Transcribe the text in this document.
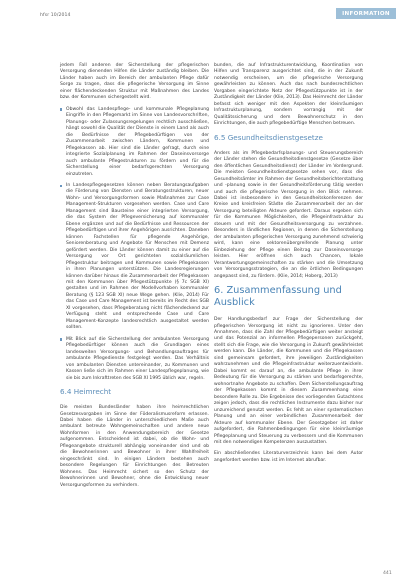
hfsr 10/2014	INFORMATION

jedem Fall anderen der Sicherstellung der pflegerischen Versorgung dienenden Hilfen die Länder zuständig bleiben. Die Länder haben auch im Bereich der ambulanten Pflege dafür Sorge zu tragen, dass die pflegerische Versorgung im Sinne einer flächendeckenden Struktur mit Maßnahmen des Landes bzw. der Kommunen sichergestellt wird.

Obwohl das Landespflege- und kommunale Pflegeplanung Eingriffe in den Pflegemarkt im Sinne von Landesvorschriften, Planungs- oder Zulassungsregelungen rechtlich ausschließen, hängt sowohl die Qualität der Dienste in einem Land als auch die Bedürfnisse der Pflegebedürftigen von der Zusammenarbeit zwischen Ländern, Kommunen und Pflegekassen ab. Hier sind die Länder gefragt, durch eine integrierte Sozialplanung im Rahmen der Daseinsvorsorge auch ambulante Pflegestrukturen zu fördern und für die Sicherstellung einer bedarfsgerechten Versorgung einzutreten.
In Landespflegegesetzen können neben Beratungsaufgaben die Förderung von Diensten und Beratungsstrukturen, neuer Wohn- und Versorgungsformen sowie Maßnahmen zur Case Management-Strukturen vorgesehen werden. Case und Care Management sind Bausteine einer integrierten Versorgung, die das System der Pflegeversicherung auf kommunaler Ebene ergänzen und auf die Bedürfnisse und Ressourcen der Pflegebedürftigen und ihrer Angehörigen ausrichten. Daneben können Fachstellen für pflegende Angehörige, Seniorenberatung und Angebote für Menschen mit Demenz gefördert werden. Die Länder können damit zu einer auf die Versorgung vor Ort gerichteten sozialräumlichen Pflegestruktur beitragen und Kommunen sowie Pflegekassen in ihren Planungen unterstützen. Die Landesregierungen können darüber hinaus die Zusammenarbeit der Pflegekassen mit den Kommunen über Pflegestützpunkte (§ 7c SGB XI) gestalten und im Rahmen der Modellvorhaben kommunaler Beratung (§ 123 SGB XI) neue Wege gehen. (Klie, 2014) Für das Case und Care Management ist bereits im Recht des SGB XI vorgesehen, dass Pflegeberatung nicht flächendeckend zur Verfügung steht und entsprechende Case und Care Management-Konzepte landesrechtlich ausgestaltet werden sollten.
Mit Blick auf die Sicherstellung der ambulanten Versorgung Pflegebedürftiger können auch die Grundlagen eines landesweiten Versorgungs- und Behandlungsauftrages für ambulante Pflegedienste festgelegt werden. Das Verhältnis von ambulanten Diensten untereinander, zu Kommunen und Kassen ließe sich im Rahmen einer Landespflegeplanung, wie sie bis zum Inkrafttreten des SGB XI 1995 üblich war, regeln.
6.4 Heimrecht

Die meisten Bundesländer haben ihre heimrechtlichen Gesetzesvorgaben im Sinne der Föderalismusreform erlassen. Dabei haben die Länder in unterschiedlichem Maße auch ambulant betreute Wohngemeinschaften und andere neue Wohnformen in den Anwendungsbereich der Gesetze aufgenommen. Entscheidend ist dabei, ob die Wohn- und Pflegeangebote strukturell abhängig voneinander sind und ob die Bewohnerinnen und Bewohner in ihrer Wahlfreiheit eingeschränkt sind. In einigen Ländern bestehen auch besondere Regelungen für Einrichtungen des Betreuten Wohnens. Das Heimrecht sichert so den Schutz der Bewohnerinnen und Bewohner, ohne die Entwicklung neuer Versorgungsformen zu verhindern.

bunden, die auf Infrastrukturentwicklung, Koordination von Hilfen und Transparenz ausgerichtet sind, die in der Zukunft notwendig erscheinen, um die pflegerische Versorgung gewährleisten zu können. Auch das nach bundesrechtlichen Vorgaben eingerichtete Netz der Pflegestützpunkte ist in der Zuständigkeit der Länder (Klie, 2013). Das Heimrecht der Länder befasst sich weniger mit den Aspekten der kleinräumigen Infrastrukturplanung, sondern vorrangig mit der Qualitätssicherung und dem Bewohnerschutz in den Einrichtungen, die auch pflegebedürftige Menschen betreuen.

6.5 Gesundheitsdienstgesetze

Anders als im Pflegebedarfsplanungs- und Steuerungsbereich der Länder stehen die Gesundheitsdienstgesetze (Gesetze über den öffentlichen Gesundheitsdienst) der Länder im Vordergrund. Die meisten Gesundheitsdienstgesetze sehen vor, dass die Gesundheitsämter im Rahmen der Gesundheitsberichterstattung und -planung sowie in der Gesundheitsförderung tätig werden und auch die pflegerische Versorgung in den Blick nehmen. Dabei ist insbesondere in den Gesundheitskonferenzen der Kreise und kreisfreien Städte die Zusammenarbeit der an der Versorgung beteiligten Akteure gefordert. Daraus ergeben sich für die Kommunen Möglichkeiten, die Pflegeinfrastruktur zu steuern und mit der Gesundheitsversorgung zu verzahnen. Besonders in ländlichen Regionen, in denen die Sicherstellung der ambulanten pflegerischen Versorgung zunehmend schwierig wird, kann eine sektorenübergreifende Planung unter Einbeziehung der Pflege einen Beitrag zur Daseinsvorsorge leisten. Hier eröffnen sich auch Chancen, lokale Verantwortungsgemeinschaften zu stärken und die Umsetzung von Versorgungsstrategien, die an die örtlichen Bedingungen angepasst sind, zu fördern. (Klie, 2014; Hoberg, 2013)

6. Zusammenfassung und Ausblick

Der Handlungsbedarf zur Frage der Sicherstellung der pflegerischen Versorgung ist nicht zu ignorieren. Unter den Annahmen, dass die Zahl der Pflegebedürftigen weiter ansteigt und das Potenzial an informellen Pflegepersonen zurückgeht, stellt sich die Frage, wie die Versorgung in Zukunft gewährleistet werden kann. Die Länder, die Kommunen und die Pflegekassen sind gemeinsam gefordert, ihre jeweiligen Zuständigkeiten wahrzunehmen und die Pflegeinfrastruktur weiterzuentwickeln. Dabei kommt es darauf an, die ambulante Pflege in ihrer Bedeutung für die Versorgung zu stärken und bedarfsgerechte, wohnortnahe Angebote zu schaffen. Dem Sicherstellungsauftrag der Pflegekassen kommt in diesem Zusammenhang eine besondere Rolle zu. Die Ergebnisse des vorliegenden Gutachtens zeigen jedoch, dass die rechtlichen Instrumente dazu bisher nur unzureichend genutzt werden. Es fehlt an einer systematischen Planung und an einer verbindlichen Zusammenarbeit der Akteure auf kommunaler Ebene. Der Gesetzgeber ist daher aufgefordert, die Rahmenbedingungen für eine kleinräumige Pflegeplanung und Steuerung zu verbessern und die Kommunen mit den notwendigen Kompetenzen auszustatten.

Ein abschließendes Literaturverzeichnis kann bei dem Autor angefordert werden bzw. ist im Internet abrufbar.

441
